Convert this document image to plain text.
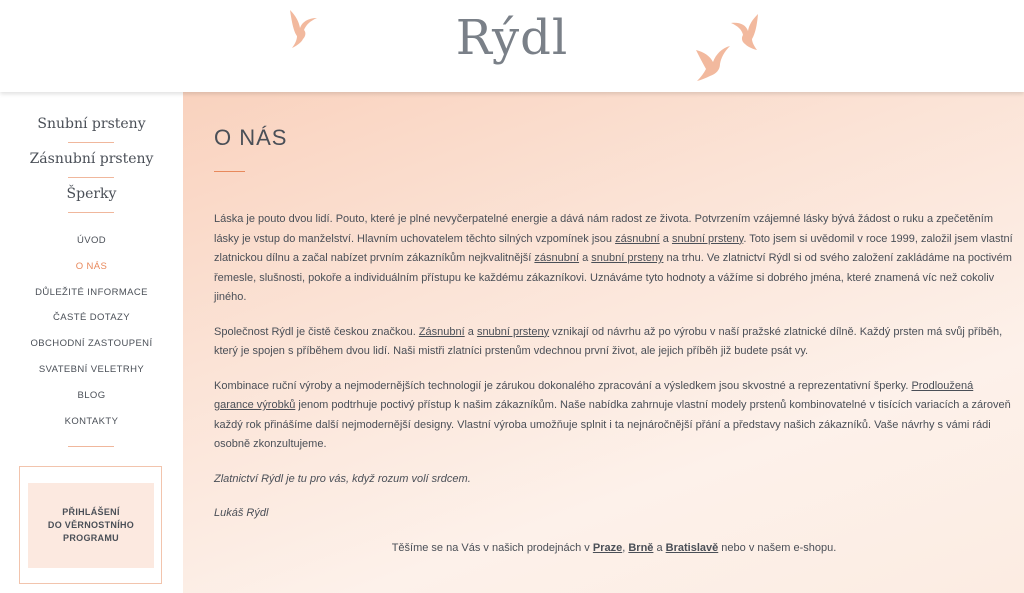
Rýdl
Snubní prsteny
Zásnubní prsteny
Šperky
ÚVOD
O NÁS
DŮLEŽITÉ INFORMACE
ČASTÉ DOTAZY
OBCHODNÍ ZASTOUPENÍ
SVATEBNÍ VELETRHY
BLOG
KONTAKTY
PŘIHLÁŠENÍ
DO VĚRNOSTNÍHO
PROGRAMU
O NÁS

Láska je pouto dvou lidí. Pouto, které je plné nevyčerpatelné energie a dává nám radost ze života. Potvrzením vzájemné lásky bývá žádost o ruku a zpečetěním lásky je vstup do manželství. Hlavním uchovatelem těchto silných vzpomínek jsou zásnubní a snubní prsteny. Toto jsem si uvědomil v roce 1999, založil jsem vlastní zlatnickou dílnu a začal nabízet prvním zákazníkům nejkvalitnější zásnubní a snubní prsteny na trhu. Ve zlatnictví Rýdl si od svého založení zakládáme na poctivém řemesle, slušnosti, pokoře a individuálním přístupu ke každému zákazníkovi. Uznáváme tyto hodnoty a vážíme si dobrého jména, které znamená víc než cokoliv jiného.

Společnost Rýdl je čistě českou značkou. Zásnubní a snubní prsteny vznikají od návrhu až po výrobu v naší pražské zlatnické dílně. Každý prsten má svůj příběh, který je spojen s příběhem dvou lidí. Naši mistři zlatníci prstenům vdechnou první život, ale jejich příběh již budete psát vy.

Kombinace ruční výroby a nejmodernějších technologií je zárukou dokonalého zpracování a výsledkem jsou skvostné a reprezentativní šperky. Prodloužená garance výrobků jenom podtrhuje poctivý přístup k našim zákazníkům. Naše nabídka zahrnuje vlastní modely prstenů kombinovatelné v tisících variacích a zároveň každý rok přinášíme další nejmodernější designy. Vlastní výroba umožňuje splnit i ta nejnáročnější přání a představy našich zákazníků. Vaše návrhy s vámi rádi osobně zkonzultujeme.

Zlatnictví Rýdl je tu pro vás, když rozum volí srdcem.

Lukáš Rýdl

Těšíme se na Vás v našich prodejnách v Praze, Brně a Bratislavě nebo v našem e-shopu.
